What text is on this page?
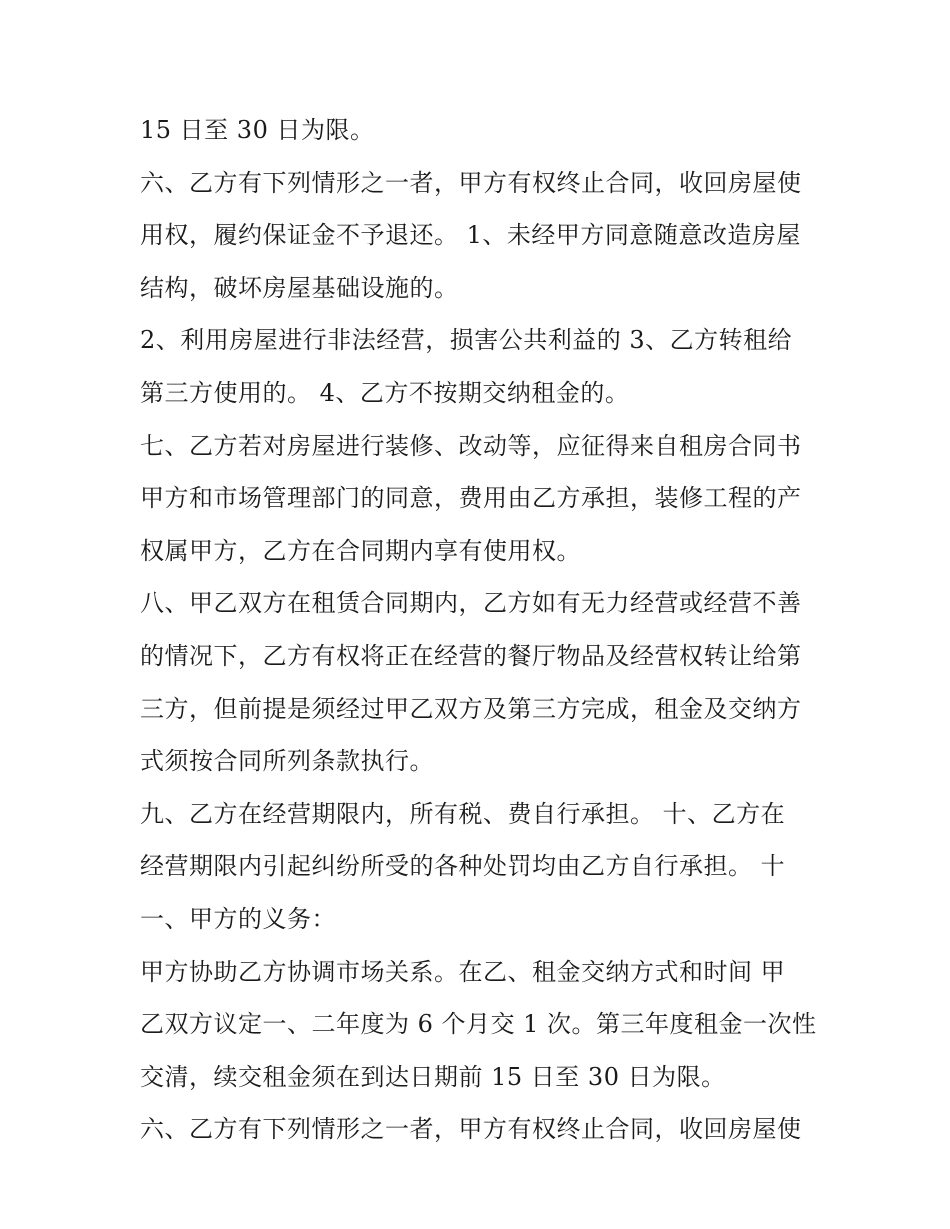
15 日至 30 日为限。
六、乙方有下列情形之一者，甲方有权终止合同，收回房屋使
用权，履约保证金不予退还。 1、未经甲方同意随意改造房屋
结构，破坏房屋基础设施的。
2、利用房屋进行非法经营，损害公共利益的 3、乙方转租给
第三方使用的。 4、乙方不按期交纳租金的。
七、乙方若对房屋进行装修、改动等，应征得来自租房合同书
甲方和市场管理部门的同意，费用由乙方承担，装修工程的产
权属甲方，乙方在合同期内享有使用权。
八、甲乙双方在租赁合同期内，乙方如有无力经营或经营不善
的情况下，乙方有权将正在经营的餐厅物品及经营权转让给第
三方，但前提是须经过甲乙双方及第三方完成，租金及交纳方
式须按合同所列条款执行。
九、乙方在经营期限内，所有税、费自行承担。 十、乙方在
经营期限内引起纠纷所受的各种处罚均由乙方自行承担。 十
一、甲方的义务：
甲方协助乙方协调市场关系。在乙、租金交纳方式和时间 甲
乙双方议定一、二年度为 6 个月交 1 次。第三年度租金一次性
交清，续交租金须在到达日期前 15 日至 30 日为限。
六、乙方有下列情形之一者，甲方有权终止合同，收回房屋使
